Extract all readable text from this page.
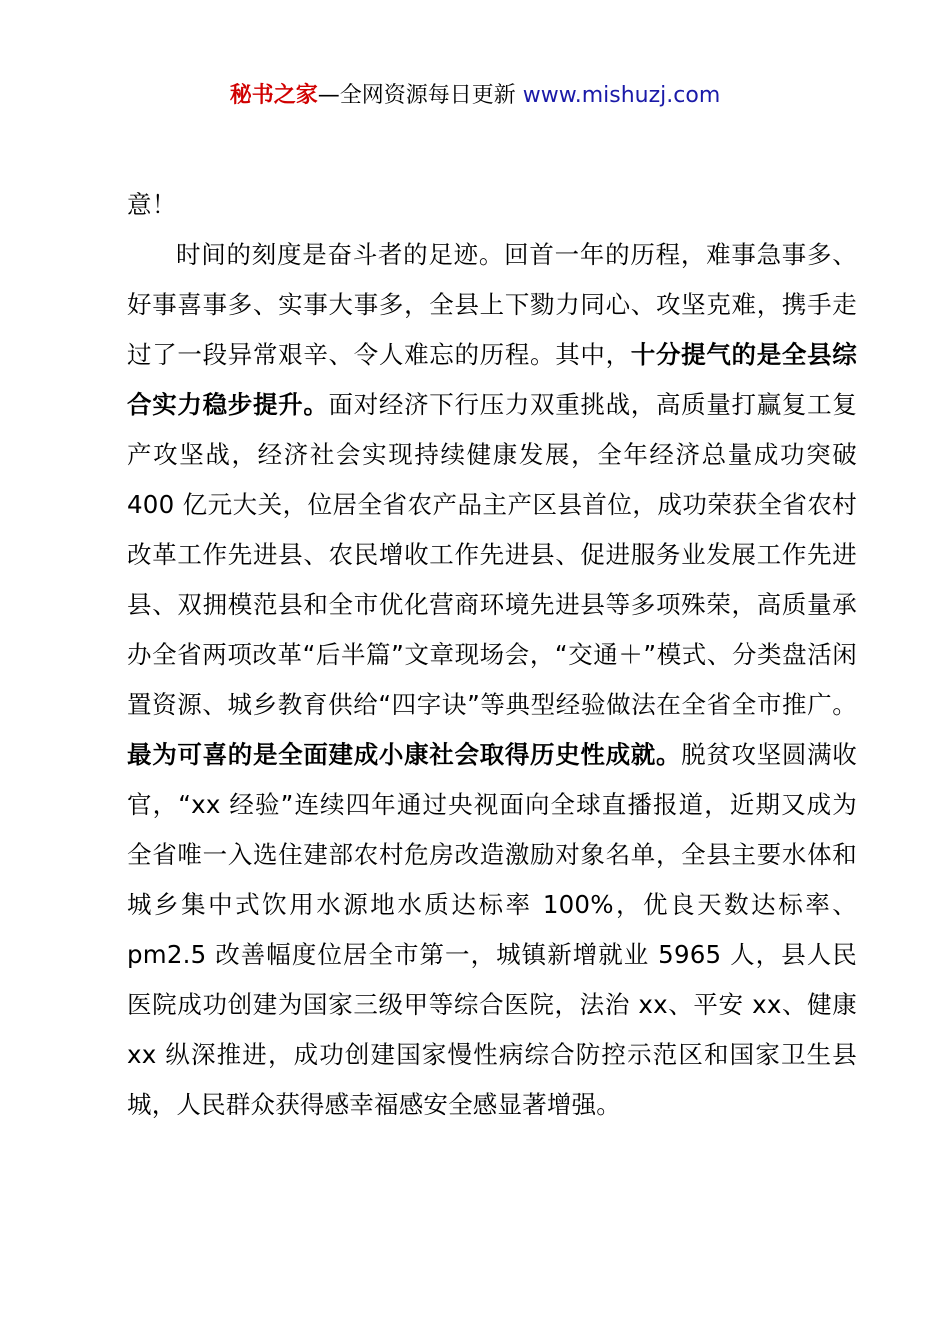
秘书之家—全网资源每日更新 www.mishuzj.com

意！

时间的刻度是奋斗者的足迹。回首一年的历程，难事急事多、好事喜事多、实事大事多，全县上下勠力同心、攻坚克难，携手走过了一段异常艰辛、令人难忘的历程。其中，十分提气的是全县综合实力稳步提升。面对经济下行压力双重挑战，高质量打赢复工复产攻坚战，经济社会实现持续健康发展，全年经济总量成功突破 400 亿元大关，位居全省农产品主产区县首位，成功荣获全省农村改革工作先进县、农民增收工作先进县、促进服务业发展工作先进县、双拥模范县和全市优化营商环境先进县等多项殊荣，高质量承办全省两项改革“后半篇”文章现场会，“交通＋”模式、分类盘活闲置资源、城乡教育供给“四字诀”等典型经验做法在全省全市推广。最为可喜的是全面建成小康社会取得历史性成就。脱贫攻坚圆满收官，“xx 经验”连续四年通过央视面向全球直播报道，近期又成为全省唯一入选住建部农村危房改造激励对象名单，全县主要水体和城乡集中式饮用水源地水质达标率 100%，优良天数达标率、pm2.5 改善幅度位居全市第一，城镇新增就业 5965 人，县人民医院成功创建为国家三级甲等综合医院，法治 xx、平安 xx、健康 xx 纵深推进，成功创建国家慢性病综合防控示范区和国家卫生县城，人民群众获得感幸福感安全感显著增强。
